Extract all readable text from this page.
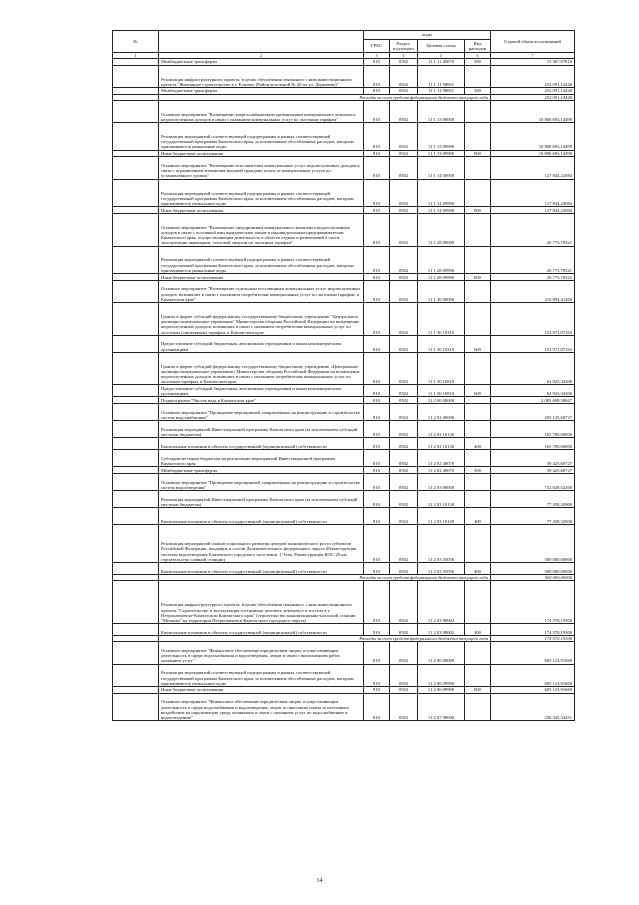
№		коды				Годовой объем ассигнований
		ГРБС	Раздел, под-раздел	Целевая статья	Вид расходов	
1	2	3	4	5	6	7
	Межбюджетные трансферты	810	0502	11 1 11 40070	500	15 367,07816
	Реализация инфраструктурного проекта, в целях обеспечения связанного с ним инвестиционного проекта "Жилищное строительство в г. Елизово (Район котельной № 20 по ул. Деркачева)"	810	0502	11 1 11 98001		252 091,14440
	Межбюджетные трансферты	810	0502	11 1 11 98001	500	252 091,14440
	Расходы за счет средств федерального бюджета текущего года					252 091,14440
	Основное мероприятие "Возмещение энергоснабжающим организациям коммунального комплекса недополученных доходов в связи с оказанием коммунальных услуг по льготным тарифам"	810	0502	11 1 13 00000		10 800 693,14499
	Реализация мероприятий соответствующей подпрограммы в рамках соответствующей государственной программы Камчатского края, за исключением обособленных расходов, которым присваиваются уникальные коды	810	0502	11 1 13 09990		10 800 693,14499
	Иные бюджетные ассигнования	810	0502	11 1 13 09990	800	10 800 693,14499
	Основное мероприятие "Возмещение исполнителям коммунальных услуг недополученных доходов в связи с ограничением изменения высокой граждани платы за коммунальные услуги до установленного уровня"	810	0502	11 1 14 00000		127 844,22084
	Реализация мероприятий соответствующей подпрограммы в рамках соответствующей государственной программы Камчатского края, за исключением обособленных расходов, которым присваиваются уникальные коды	810	0502	11 1 14 09990		127 844,22084
	Иные бюджетные ассигнования	810	0502	11 1 14 09990	800	127 844,22084
	Основное мероприятие "Возмещение предприятиям коммунального комплекса недополученных доходов в связи с поставкой ими юридическим лицам и индивидуальным предпринимателям Камчатского края, осуществляющим деятельность в области отдыха и развлечений в части эксплуатации аквапарков, тепловой энергии по льготным тарифам"	810	0502	11 1 28 00000		20 775,70321
	Реализация мероприятий соответствующей подпрограммы в рамках соответствующей государственной программы Камчатского края, за исключением обособленных расходов, которым присваиваются уникальные коды	810	0502	11 1 28 09990		20 775,70321
	Иные бюджетные ассигнования	810	0502	11 1 28 09990	800	20 775,70321
	Основное мероприятие "Возмещение отдельным поставщикам коммунальных услуг недополученных доходов, возникших в связи с оказанием потребителям коммунальных услуг по льготным тарифам, в Камчатском крае"	810	0502	11 1 30 00000		216 894,41469
	Гранты в форме субсидий федеральному государственному бюджетному учреждению "Центральное жилищно-коммунальное управление" Министерства обороны Российской Федерации на возмещение недополученных доходов, возникших в связи с оказанием потребителям коммунальных услуг по льготным (сниженным) тарифам, в Камчатском крае	810	0502	11 1 30 10310		153 971,07163
	Предоставление субсидий бюджетным, автономным учреждениям и иным некоммерческим организациям	810	0502	11 1 30 10310	600	153 971,07163
	Гранты в форме субсидий федеральному государственному бюджетному учреждению «Центральное жилищно-коммунальное управление» Министерства обороны Российской Федерации на возмещение недополученных доходов, возникших в связи с оказанием потребителям коммунальных услуг по льготным тарифам, в Камчатском крае	810	0502	11 1 30 10810		62 923,34306
	Предоставление субсидий бюджетным, автономным учреждениям и иным некоммерческим организациям	810	0502	11 1 30 10810	600	62 923,34306
	Подпрограмма "Чистая вода в Камчатском крае"	810	0502	11 2 00 00000		2 083 698,30047
	Основное мероприятие "Проведение мероприятий, направленных на реконструкцию и строительство систем водоснабжения"	810	0502	11 2 02 00000		205 125,60727
	Реализация мероприятий Инвестиционной программы Камчатского края (за исключением субсидий местным бюджетам)	810	0502	11 2 02 10130		165 700,00000
	Капитальные вложения в объекты государственной (муниципальной) собственности	810	0502	11 2 02 10130	400	165 700,00000
	Субсидии местным бюджетам на реализацию мероприятий Инвестиционной программы Камчатского края	810	0502	11 2 02 40070		39 425,60727
	Межбюджетные трансферты	810	0502	11 2 02 40070	500	39 425,60727
	Основное мероприятие "Проведение мероприятий, направленных на реконструкцию и строительство систем водоотведения"	810	0502	11 2 03 00000		752 028,52200
	Реализация мероприятий Инвестиционной программы Камчатского края (за исключением субсидий местным бюджетам)	810	0502	11 2 03 10130		77 458,32900
	Капитальные вложения в объекты государственной (муниципальной) собственности	810	0502	11 2 03 10130	400	77 458,32900
	Реализация мероприятий планов социального развития центров экономического роста субъектов Российской Федерации, входящих в состав Дальневосточного федерального округа (Реконструкция системы водоотведения Елизовского городского поселения. 1 Этап. Реконструкция КОС-29 км, строительство сливной станции)	810	0502	11 2 03 55056		500 000,00000
	Капитальные вложения в объекты государственной (муниципальной) собственности	810	0502	11 2 03 55056	400	500 000,00000
	Расходы за счет средств федерального бюджета текущего года					500 000,00000
	Реализация инфраструктурного проекта, в целях обеспечения связанного с ним инвестиционного проекта "Строительство и эксплуатация гостинично-делового комплекса и хостела в г. Петропавловске-Камчатском Камчатского края" (строительство канализационно-насосной станции "Механка" на территории Петропавловск-Камчатского городского округа)	810	0502	11 2 03 98002		174 570,19300
	Капитальные вложения в объекты государственной (муниципальной) собственности	810	0502	11 2 03 98002	400	174 570,19300
	Расходы за счет средств федерального бюджета текущего года					174 570,19300
	Основное мероприятие "Финансовое обеспечение юридическим лицам, осуществляющим деятельность в сфере водоснабжения и водоотведения, затрат в связи с выполнением работ, оказанием услуг"	810	0502	11 2 06 00000		605 123,91669
	Реализация мероприятий соответствующей подпрограммы в рамках соответствующей государственной программы Камчатского края, за исключением обособленных расходов, которым присваиваются уникальные коды	810	0502	11 2 06 09990		605 123,91669
	Иные бюджетные ассигнования	810	0502	11 2 06 09990	800	605 123,91669
	Основное мероприятие "Финансовое обеспечение юридическим лицам, осуществляющим деятельность в сфере водоснабжения и водоотведения, затрат по внесению платы за негативное воздействие на окружающую среду, возникших в связи с оказанием услуг по водоснабжению и водоотведению"	810	0502	11 2 07 00000		236 345,54451
14
